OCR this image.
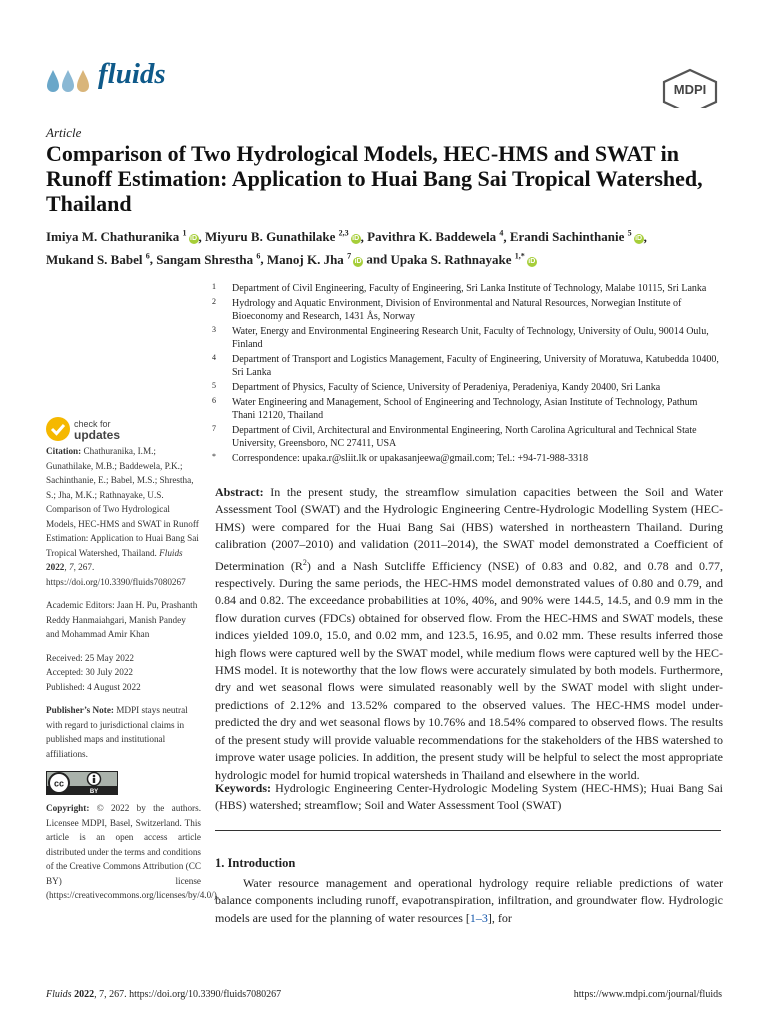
fluids	MDPI
Article
Comparison of Two Hydrological Models, HEC-HMS and SWAT in Runoff Estimation: Application to Huai Bang Sai Tropical Watershed, Thailand

Imiya M. Chathuranika $^1$iD , Miyuru B. Gunathilake $^{2,3}$iD , Pavithra K. Baddewela $^4$, Erandi Sachinthanie $^5$iD , Mukand S. Babel $^6$, Sangam Shrestha $^6$, Manoj K. Jha $^7$iD and Upaka S. Rathnayake $^{1,*}$iD

1 Department of Civil Engineering, Faculty of Engineering, Sri Lanka Institute of Technology, Malabe 10115, Sri Lanka
2 Hydrology and Aquatic Environment, Division of Environmental and Natural Resources, Norwegian Institute of Bioeconomy and Research, 1431 Ås, Norway
3 Water, Energy and Environmental Engineering Research Unit, Faculty of Technology, University of Oulu, 90014 Oulu, Finland
4 Department of Transport and Logistics Management, Faculty of Engineering, University of Moratuwa, Katubedda 10400, Sri Lanka
5 Department of Physics, Faculty of Science, University of Peradeniya, Peradeniya, Kandy 20400, Sri Lanka
6 Water Engineering and Management, School of Engineering and Technology, Asian Institute of Technology, Pathum Thani 12120, Thailand
7 Department of Civil, Architectural and Environmental Engineering, North Carolina Agricultural and Technical State University, Greensboro, NC 27411, USA
* Correspondence: upaka.r@sliit.lk or upakasanjeewa@gmail.com; Tel.: +94-71-988-3318
check for
updates

Citation: Chathuranika, I.M.; Gunathilake, M.B.; Baddewela, P.K.; Sachinthanie, E.; Babel, M.S.; Shrestha, S.; Jha, M.K.; Rathnayake, U.S. Comparison of Two Hydrological Models, HEC-HMS and SWAT in Runoff Estimation: Application to Huai Bang Sai Tropical Watershed, Thailand. Fluids 2022, 7, 267. https://doi.org/10.3390/fluids7080267

Academic Editors: Jaan H. Pu, Prashanth Reddy Hanmaiahgari, Manish Pandey and Mohammad Amir Khan

Received: 25 May 2022

Accepted: 30 July 2022

Published: 4 August 2022

Publisher’s Note: MDPI stays neutral with regard to jurisdictional claims in published maps and institutional affiliations.

cc
BY

Copyright: © 2022 by the authors. Licensee MDPI, Basel, Switzerland. This article is an open access article distributed under the terms and conditions of the Creative Commons Attribution (CC BY) license (https://creativecommons.org/licenses/by/4.0/).

Abstract: In the present study, the streamflow simulation capacities between the Soil and Water Assessment Tool (SWAT) and the Hydrologic Engineering Centre-Hydrologic Modelling System (HEC-HMS) were compared for the Huai Bang Sai (HBS) watershed in northeastern Thailand. During calibration (2007–2010) and validation (2011–2014), the SWAT model demonstrated a Coefficient of Determination $(R^2)$ and a Nash Sutcliffe Efficiency (NSE) of 0.83 and 0.82, and 0.78 and 0.77, respectively. During the same periods, the HEC-HMS model demonstrated values of 0.80 and 0.79, and 0.84 and 0.82. The exceedance probabilities at 10%, 40%, and 90% were 144.5, 14.5, and 0.9 mm in the flow duration curves (FDCs) obtained for observed flow. From the HEC-HMS and SWAT models, these indices yielded 109.0, 15.0, and 0.02 mm, and 123.5, 16.95, and 0.02 mm. These results inferred those high flows were captured well by the SWAT model, while medium flows were captured well by the HEC-HMS model. It is noteworthy that the low flows were accurately simulated by both models. Furthermore, dry and wet seasonal flows were simulated reasonably well by the SWAT model with slight under-predictions of 2.12% and 13.52% compared to the observed values. The HEC-HMS model under-predicted the dry and wet seasonal flows by 10.76% and 18.54% compared to observed flows. The results of the present study will provide valuable recommendations for the stakeholders of the HBS watershed to improve water usage policies. In addition, the present study will be helpful to select the most appropriate hydrologic model for humid tropical watersheds in Thailand and elsewhere in the world.

Keywords: Hydrologic Engineering Center-Hydrologic Modeling System (HEC-HMS); Huai Bang Sai (HBS) watershed; streamflow; Soil and Water Assessment Tool (SWAT)

1. Introduction

Water resource management and operational hydrology require reliable predictions of water balance components including runoff, evapotranspiration, infiltration, and groundwater flow. Hydrologic models are used for the planning of water resources [1–3], for

Fluids 2022, 7, 267. https://doi.org/10.3390/fluids7080267	https://www.mdpi.com/journal/fluids
